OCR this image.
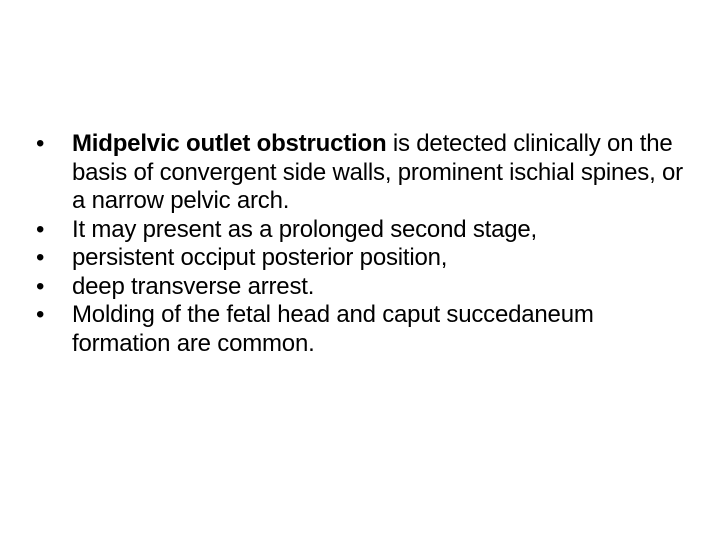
•	Midpelvic outlet obstruction is detected clinically on the basis of convergent side walls, prominent ischial spines, or a narrow pelvic arch.
•	It may present as a prolonged second stage,
•	persistent occiput posterior position,
•	deep transverse arrest.
•	Molding of the fetal head and caput succedaneum formation are common.
